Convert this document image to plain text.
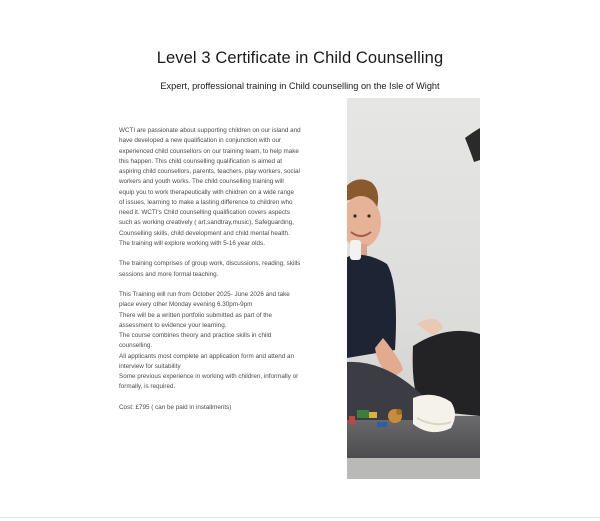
Level 3 Certificate in Child Counselling
Expert, proffessional training in Child counselling on the Isle of Wight

WCTI are passionate about supporting children on our island and

have developed a new qualification in conjunction with our

experienced child counsellors on our training team, to help make

this happen. This child counselling qualification is aimed at

aspiring child counsellors, parents, teachers, play workers, social

workers and youth works. The child counselling training will

equip you to work therapeutically with children on a wide range

of issues, learning to make a lasting difference to children who

need it. WCTI's Child counselling qualification covers aspects

such as working creatively ( art,sandtray,music), Safeguarding,

Counselling skills, child development and child mental health.

The training will explore working with 5-16 year olds.

The training comprises of group work, discussions, reading, skills

sessions and more formal teaching.

This Training will run from October 2025- June 2026 and take

place every other Monday evening 6.30pm-9pm

There will be a written portfolio submitted as part of the

assessment to evidence your learning.

The course combines theory and practice skills in child

counselling.

All applicants most complete an application form and attend an

interview for suitability

Some previous experience in working with children, informally or

formally, is required.

Cost: £795 ( can be paid in installments)
